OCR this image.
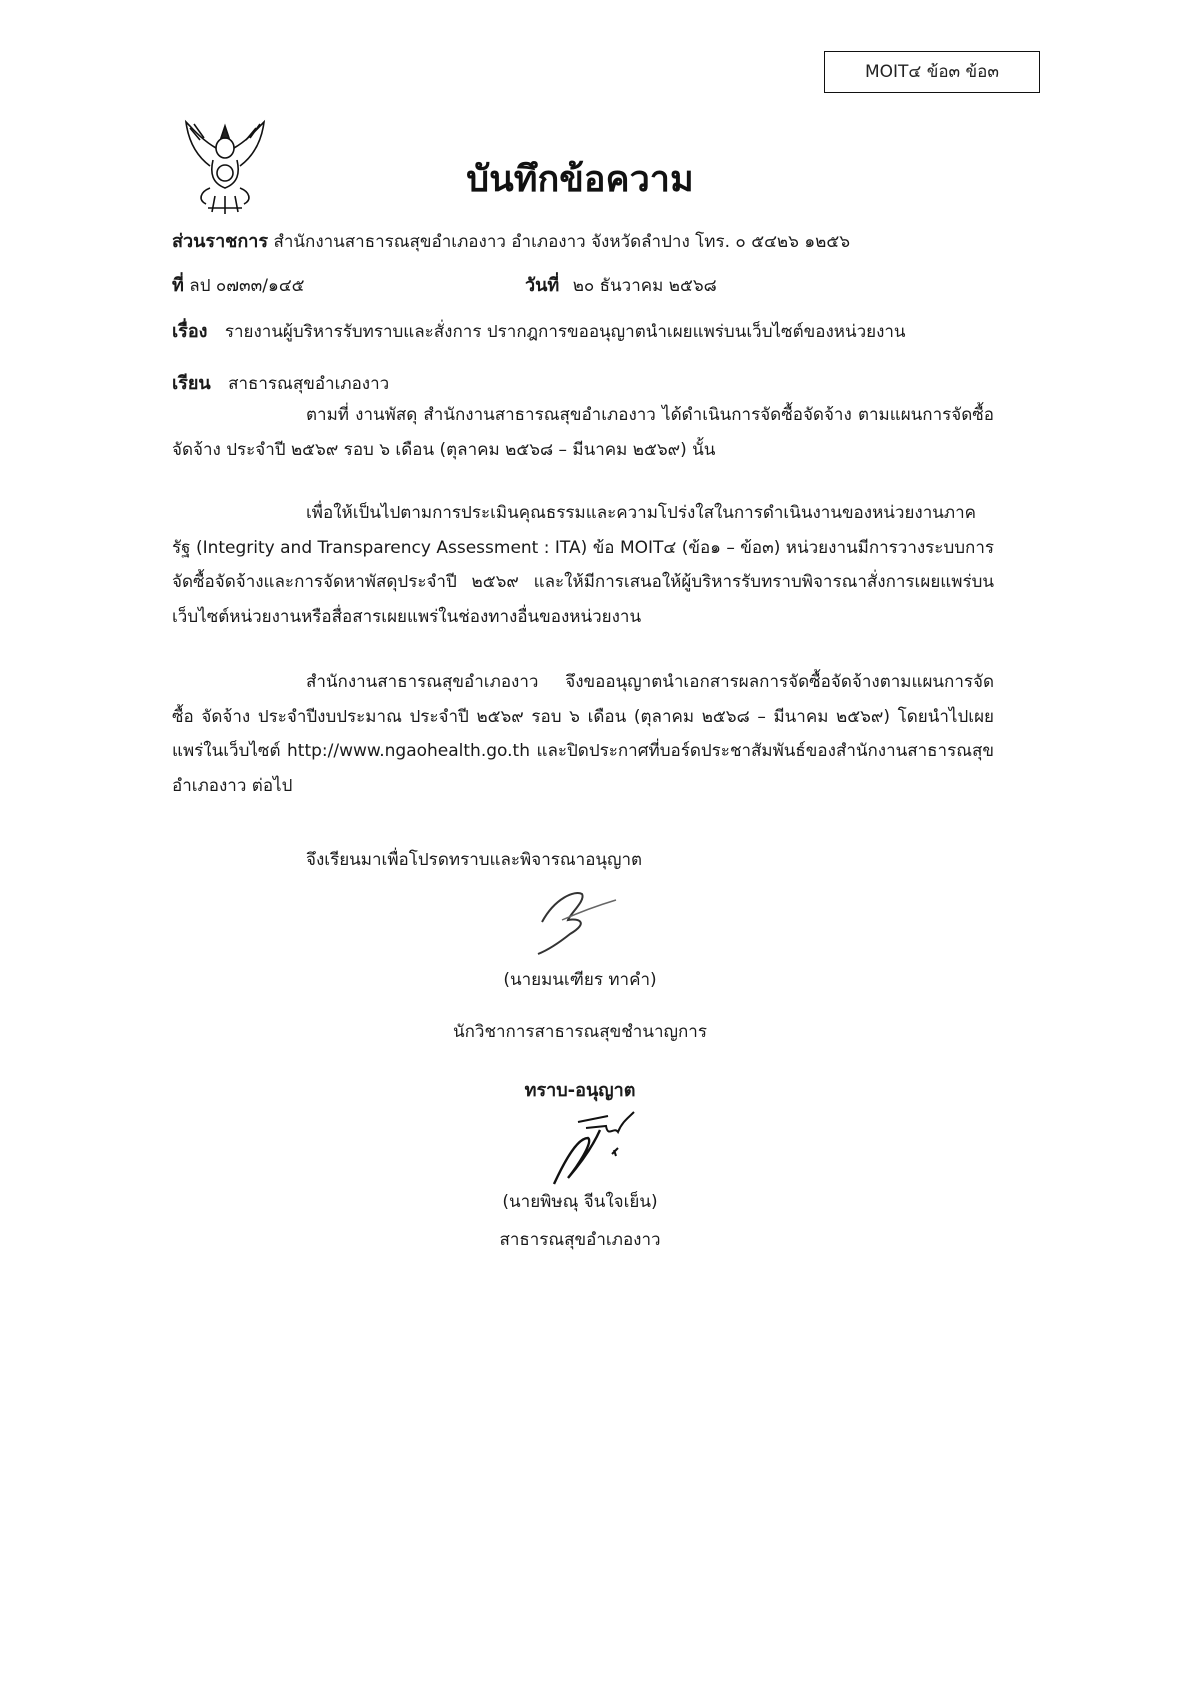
MOIT๔ ข้อ๓ ข้อ๓
บันทึกข้อความ
ส่วนราชการ สำนักงานสาธารณสุขอำเภองาว อำเภองาว จังหวัดลำปาง โทร. ๐ ๕๔๒๖ ๑๒๕๖
ที่ ลป ๐๗๓๓/๑๔๕	วันที่ ๒๐ ธันวาคม ๒๕๖๘
เรื่อง รายงานผู้บริหารรับทราบและสั่งการ ปรากฎการขออนุญาตนำเผยแพร่บนเว็บไซต์ของหน่วยงาน
เรียน สาธารณสุขอำเภองาว
ตามที่ งานพัสดุ สำนักงานสาธารณสุขอำเภองาว ได้ดำเนินการจัดซื้อจัดจ้าง ตามแผนการจัดซื้อจัดจ้าง ประจำปี ๒๕๖๙ รอบ ๖ เดือน (ตุลาคม ๒๕๖๘ – มีนาคม ๒๕๖๙) นั้น
เพื่อให้เป็นไปตามการประเมินคุณธรรมและความโปร่งใสในการดำเนินงานของหน่วยงานภาครัฐ (Integrity and Transparency Assessment : ITA) ข้อ MOIT๔ (ข้อ๑ – ข้อ๓) หน่วยงานมีการวางระบบการจัดซื้อจัดจ้างและการจัดหาพัสดุประจำปี ๒๕๖๙ และให้มีการเสนอให้ผู้บริหารรับทราบพิจารณาสั่งการเผยแพร่บนเว็บไซต์หน่วยงานหรือสื่อสารเผยแพร่ในช่องทางอื่นของหน่วยงาน
สำนักงานสาธารณสุขอำเภองาว จึงขออนุญาตนำเอกสารผลการจัดซื้อจัดจ้างตามแผนการจัดซื้อ จัดจ้าง ประจำปีงบประมาณ ประจำปี ๒๕๖๙ รอบ ๖ เดือน (ตุลาคม ๒๕๖๘ – มีนาคม ๒๕๖๙) โดยนำไปเผยแพร่ในเว็บไซต์ http://www.ngaohealth.go.th และปิดประกาศที่บอร์ดประชาสัมพันธ์ของสำนักงานสาธารณสุขอำเภองาว ต่อไป
จึงเรียนมาเพื่อโปรดทราบและพิจารณาอนุญาต
(นายมนเฑียร ทาคำ)
นักวิชาการสาธารณสุขชำนาญการ
ทราบ-อนุญาต
(นายพิษณุ จีนใจเย็น)
สาธารณสุขอำเภองาว
